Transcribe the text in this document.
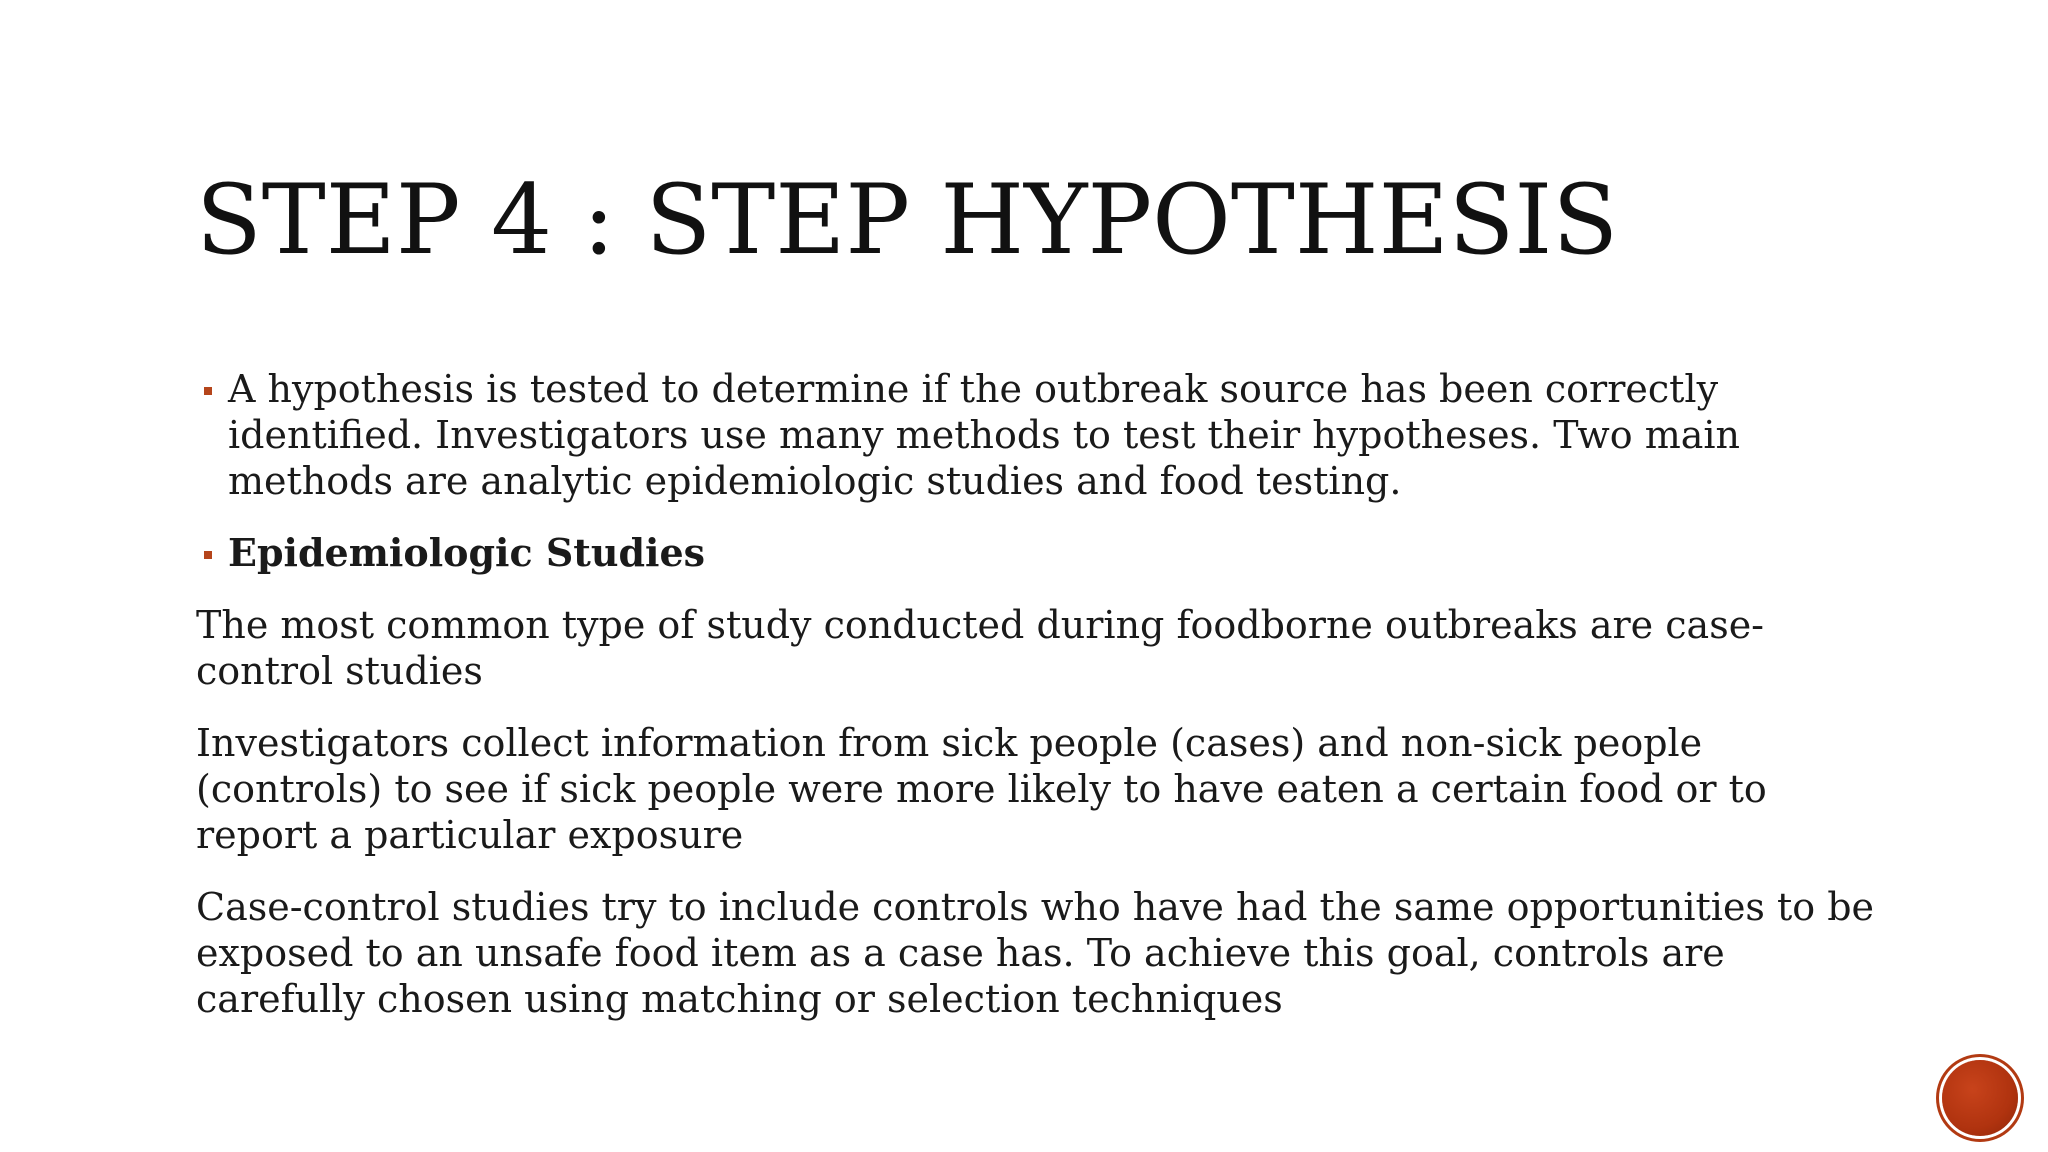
STEP 4 : STEP HYPOTHESIS
A hypothesis is tested to determine if the outbreak source has been correctly identified. Investigators use many methods to test their hypotheses. Two main methods are analytic epidemiologic studies and food testing.
Epidemiologic Studies

The most common type of study conducted during foodborne outbreaks are case-control studies

Investigators collect information from sick people (cases) and non-sick people (controls) to see if sick people were more likely to have eaten a certain food or to report a particular exposure

Case-control studies try to include controls who have had the same opportunities to be exposed to an unsafe food item as a case has. To achieve this goal, controls are carefully chosen using matching or selection techniques
